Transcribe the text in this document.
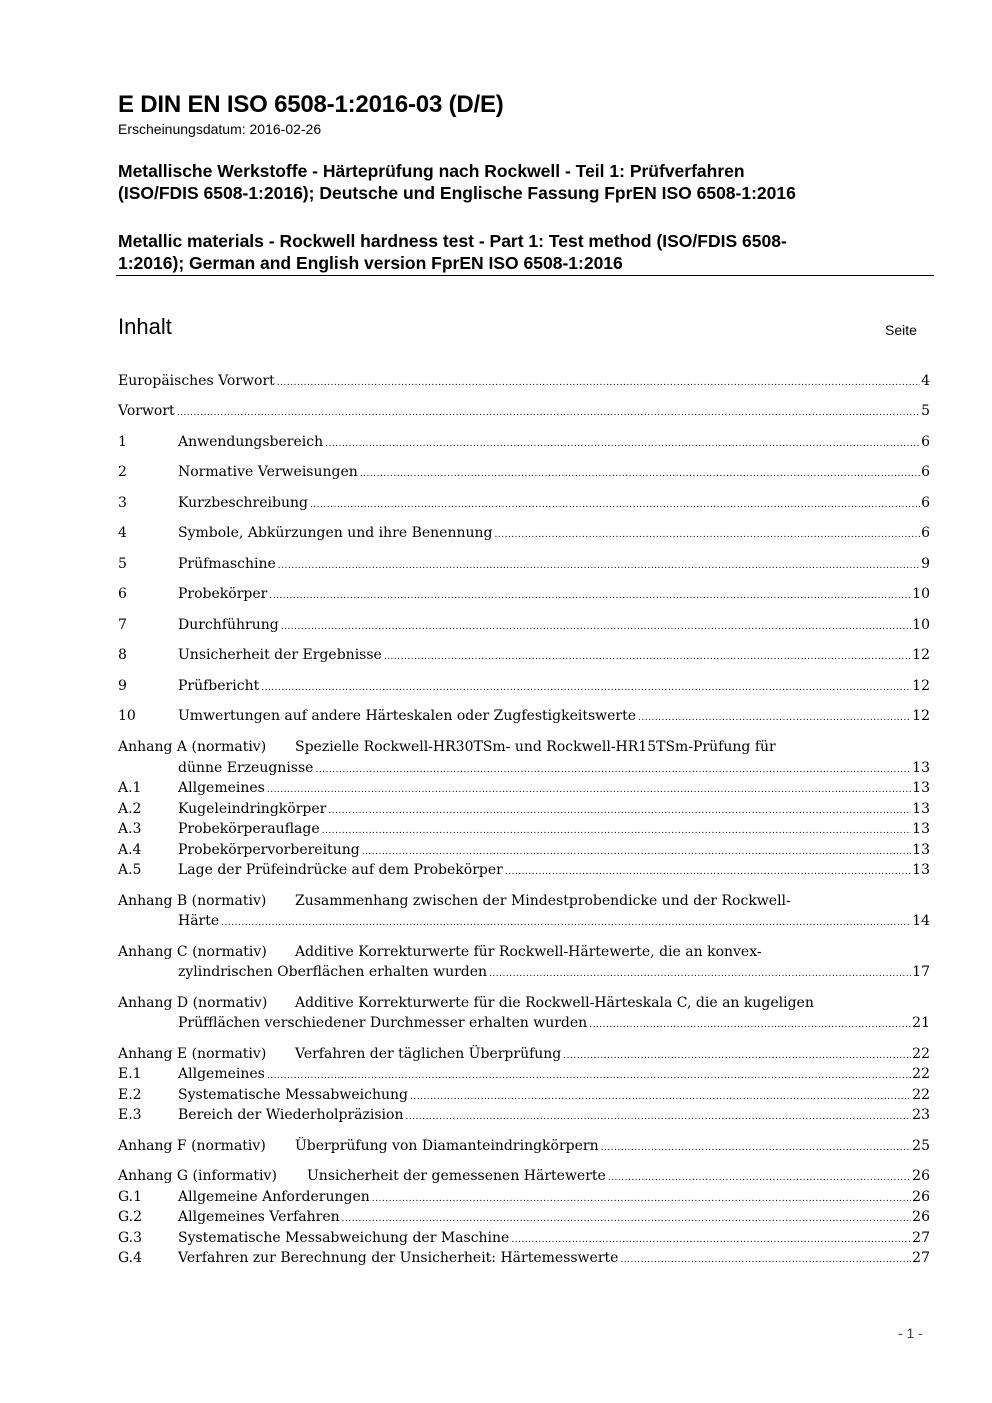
E DIN EN ISO 6508-1:2016-03 (D/E)
Erscheinungsdatum: 2016-02-26
Metallische Werkstoffe - Härteprüfung nach Rockwell - Teil 1: Prüfverfahren
(ISO/FDIS 6508-1:2016); Deutsche und Englische Fassung FprEN ISO 6508-1:2016
Metallic materials - Rockwell hardness test - Part 1: Test method (ISO/FDIS 6508-
1:2016); German and English version FprEN ISO 6508-1:2016
Inhalt	Seite
Europäisches Vorwort .....	4
Vorwort .....	5
1	Anwendungsbereich .....	6
2	Normative Verweisungen .....	6
3	Kurzbeschreibung .....	6
4	Symbole, Abkürzungen und ihre Benennung .....	6
5	Prüfmaschine .....	9
6	Probekörper .....	10
7	Durchführung .....	10
8	Unsicherheit der Ergebnisse .....	12
9	Prüfbericht .....	12
10	Umwertungen auf andere Härteskalen oder Zugfestigkeitswerte .....	12
Anhang A (normativ) Spezielle Rockwell-HR30TSm- und Rockwell-HR15TSm-Prüfung für
dünne Erzeugnisse .....	13
A.1	Allgemeines .....	13
A.2	Kugeleindringkörper .....	13
A.3	Probekörperauflage .....	13
A.4	Probekörpervorbereitung .....	13
A.5	Lage der Prüfeindrücke auf dem Probekörper .....	13
Anhang B (normativ) Zusammenhang zwischen der Mindestprobendicke und der Rockwell-
Härte .....	14
Anhang C (normativ) Additive Korrekturwerte für Rockwell-Härtewerte, die an konvex-
zylindrischen Oberflächen erhalten wurden .....	17
Anhang D (normativ) Additive Korrekturwerte für die Rockwell-Härteskala C, die an kugeligen
Prüfflächen verschiedener Durchmesser erhalten wurden .....	21
Anhang E (normativ) Verfahren der täglichen Überprüfung .....	22
E.1	Allgemeines .....	22
E.2	Systematische Messabweichung .....	22
E.3	Bereich der Wiederholpräzision .....	23
Anhang F (normativ) Überprüfung von Diamanteindringkörpern .....	25
Anhang G (informativ) Unsicherheit der gemessenen Härtewerte .....	26
G.1	Allgemeine Anforderungen .....	26
G.2	Allgemeines Verfahren .....	26
G.3	Systematische Messabweichung der Maschine .....	27
G.4	Verfahren zur Berechnung der Unsicherheit: Härtemesswerte .....	27
- 1 -
